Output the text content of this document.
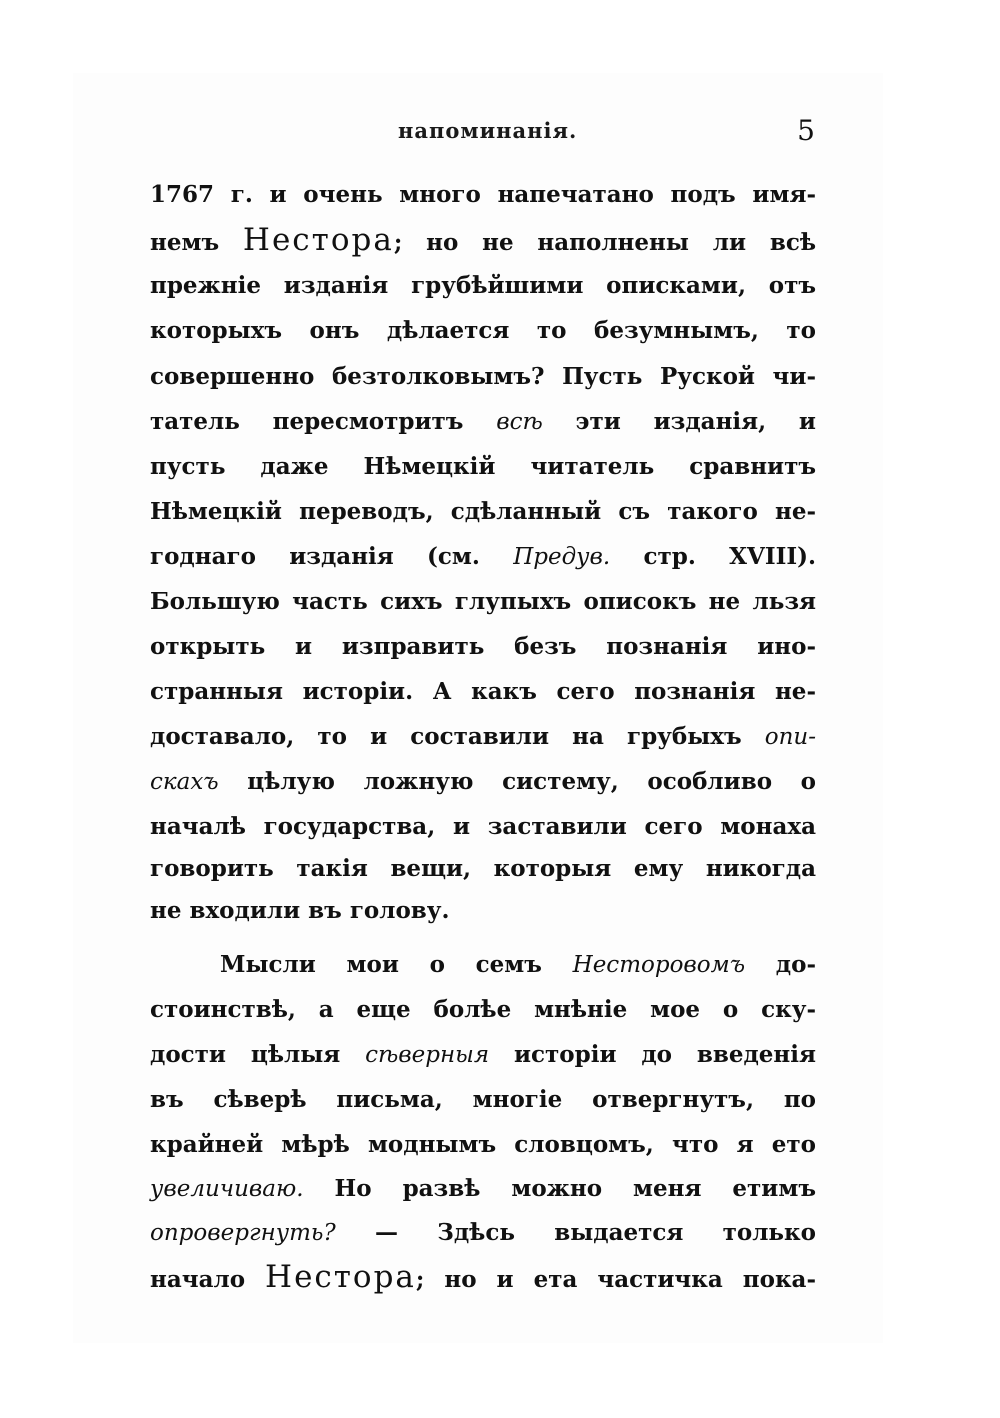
напоминанія.	5
1767 г. и очень много напечатано подъ имя-
немъ Нестора; но не наполнены ли всѣ
прежніе изданія грубѣйшими описками, отъ
которыхъ онъ дѣлается то безумнымъ, то
совершенно безтолковымъ? Пусть Руской чи-
татель пересмотритъ всѣ эти изданія, и
пусть даже Нѣмецкій читатель сравнитъ
Нѣмецкій переводъ, сдѣланный съ такого не-
годнаго изданія (см. Предув. стр. XVIII).
Большую часть сихъ глупыхъ описокъ не льзя
открыть и изправить безъ познанія ино-
странныя исторіи. А какъ сего познанія не-
доставало, то и составили на грубыхъ опи-
скахъ цѣлую ложную систему, особливо о
началѣ государства, и заставили сего монаха
говорить такія вещи, которыя ему никогда
не входили въ голову.
Мысли мои о семъ Несторовомъ до-
стоинствѣ, а еще болѣе мнѣніе мое о ску-
дости цѣлыя сѣверныя исторіи до введенія
въ сѣверѣ письма, многіе отвергнутъ, по
крайней мѣрѣ моднымъ словцомъ, что я ето
увеличиваю. Но развѣ можно меня етимъ
опровергнуть? — Здѣсь выдается только
начало Нестора; но и ета частичка пока-
